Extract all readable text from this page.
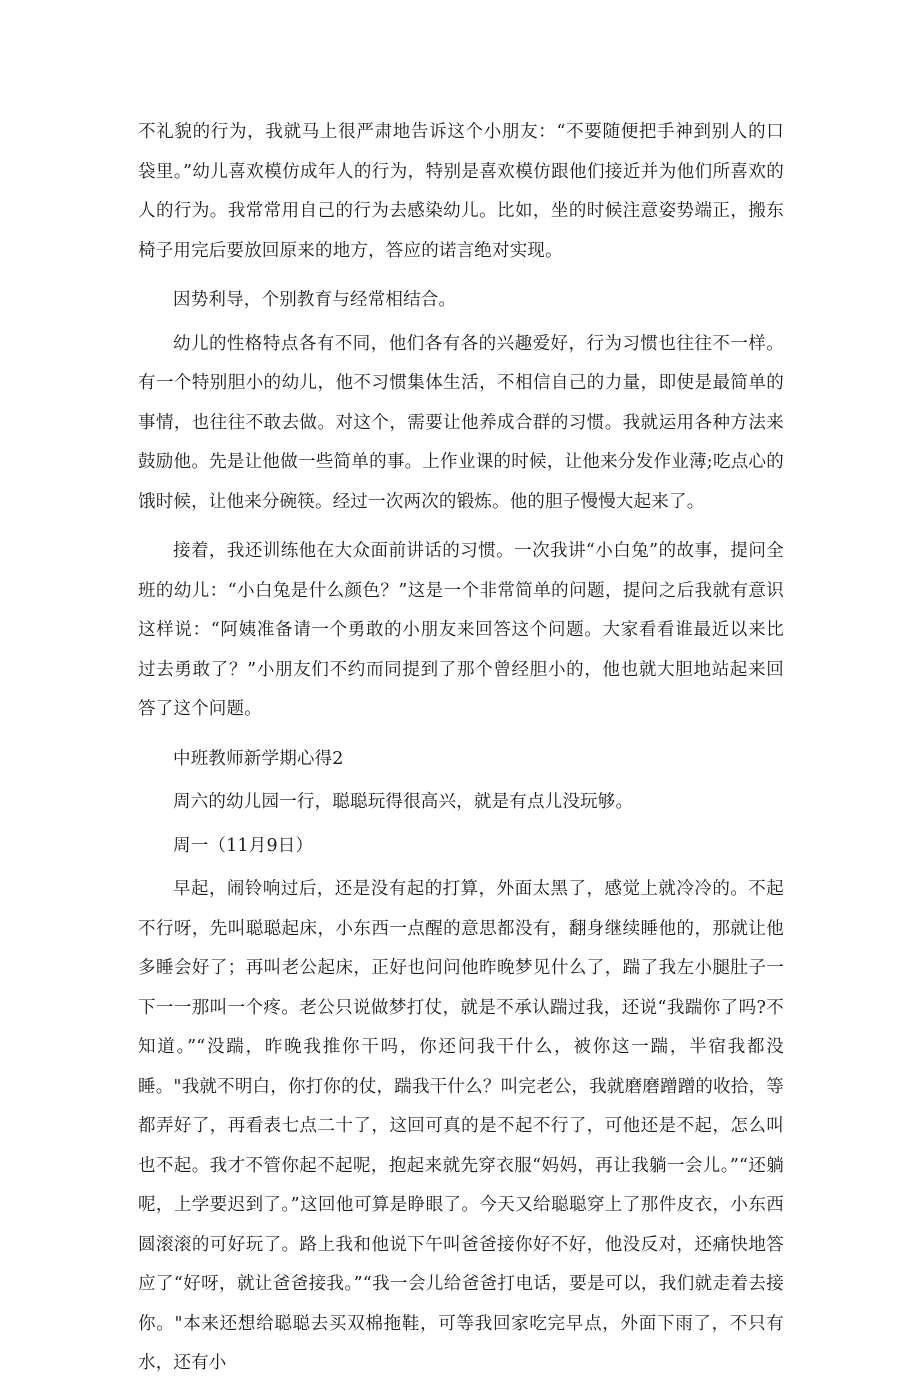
不礼貌的行为，我就马上很严肃地告诉这个小朋友：“不要随便把手神到别人的口袋里。”幼儿喜欢模仿成年人的行为，特别是喜欢模仿跟他们接近并为他们所喜欢的人的行为。我常常用自己的行为去感染幼儿。比如，坐的时候注意姿势端正，搬东椅子用完后要放回原来的地方，答应的诺言绝对实现。

因势利导，个别教育与经常相结合。

幼儿的性格特点各有不同，他们各有各的兴趣爱好，行为习惯也往往不一样。有一个特别胆小的幼儿，他不习惯集体生活，不相信自己的力量，即使是最简单的事情，也往往不敢去做。对这个，需要让他养成合群的习惯。我就运用各种方法来鼓励他。先是让他做一些简单的事。上作业课的时候，让他来分发作业薄;吃点心的饿时候，让他来分碗筷。经过一次两次的锻炼。他的胆子慢慢大起来了。

接着，我还训练他在大众面前讲话的习惯。一次我讲“小白兔”的故事，提问全班的幼儿：“小白兔是什么颜色？”这是一个非常简单的问题，提问之后我就有意识这样说：“阿姨准备请一个勇敢的小朋友来回答这个问题。大家看看谁最近以来比过去勇敢了？”小朋友们不约而同提到了那个曾经胆小的，他也就大胆地站起来回答了这个问题。

中班教师新学期心得2

周六的幼儿园一行，聪聪玩得很高兴，就是有点儿没玩够。

周一（11月9日）

早起，闹铃响过后，还是没有起的打算，外面太黑了，感觉上就冷冷的。不起不行呀，先叫聪聪起床，小东西一点醒的意思都没有，翻身继续睡他的，那就让他多睡会好了；再叫老公起床，正好也问问他昨晚梦见什么了，踹了我左小腿肚子一下一一那叫一个疼。老公只说做梦打仗，就是不承认踹过我，还说“我踹你了吗?不知道。”“没踹，昨晚我推你干吗，你还问我干什么，被你这一踹，半宿我都没睡。"我就不明白，你打你的仗，踹我干什么？叫完老公，我就磨磨蹭蹭的收拾，等都弄好了，再看表七点二十了，这回可真的是不起不行了，可他还是不起，怎么叫也不起。我才不管你起不起呢，抱起来就先穿衣服“妈妈，再让我躺一会儿。”“还躺呢，上学要迟到了。”这回他可算是睁眼了。今天又给聪聪穿上了那件皮衣，小东西圆滚滚的可好玩了。路上我和他说下午叫爸爸接你好不好，他没反对，还痛快地答应了“好呀，就让爸爸接我。”“我一会儿给爸爸打电话，要是可以，我们就走着去接你。"本来还想给聪聪去买双棉拖鞋，可等我回家吃完早点，外面下雨了，不只有水，还有小
